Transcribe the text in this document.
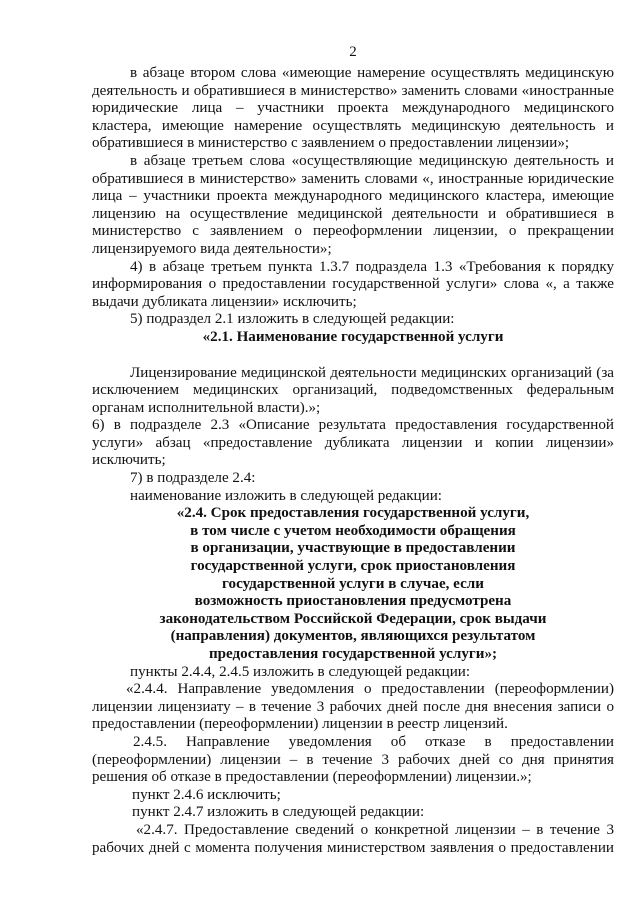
2

в абзаце втором слова «имеющие намерение осуществлять медицинскую деятельность и обратившиеся в министерство» заменить словами «иностранные юридические лица – участники проекта международного медицинского кластера, имеющие намерение осуществлять медицинскую деятельность и обратившиеся в министерство с заявлением о предоставлении лицензии»;

в абзаце третьем слова «осуществляющие медицинскую деятельность и обратившиеся в министерство» заменить словами «, иностранные юридические лица – участники проекта международного медицинского кластера, имеющие лицензию на осуществление медицинской деятельности и обратившиеся в министерство с заявлением о переоформлении лицензии, о прекращении лицензируемого вида деятельности»;

4) в абзаце третьем пункта 1.3.7 подраздела 1.3 «Требования к порядку информирования о предоставлении государственной услуги» слова «, а также выдачи дубликата лицензии» исключить;

5) подраздел 2.1 изложить в следующей редакции:

«2.1. Наименование государственной услуги

Лицензирование медицинской деятельности медицинских организаций (за исключением медицинских организаций, подведомственных федеральным органам исполнительной власти).»;

6) в подразделе 2.3 «Описание результата предоставления государственной услуги» абзац «предоставление дубликата лицензии и копии лицензии» исключить;

7) в подразделе 2.4:

наименование изложить в следующей редакции:

«2.4. Срок предоставления государственной услуги,

в том числе с учетом необходимости обращения

в организации, участвующие в предоставлении

государственной услуги, срок приостановления

государственной услуги в случае, если

возможность приостановления предусмотрена

законодательством Российской Федерации, срок выдачи

(направления) документов, являющихся результатом

предоставления государственной услуги»;

пункты 2.4.4, 2.4.5 изложить в следующей редакции:

«2.4.4. Направление уведомления о предоставлении (переоформлении) лицензии лицензиату – в течение 3 рабочих дней после дня внесения записи о предоставлении (переоформлении) лицензии в реестр лицензий.

2.4.5. Направление уведомления об отказе в предоставлении (переоформлении) лицензии – в течение 3 рабочих дней со дня принятия решения об отказе в предоставлении (переоформлении) лицензии.»;

пункт 2.4.6 исключить;

пункт 2.4.7 изложить в следующей редакции:

«2.4.7. Предоставление сведений о конкретной лицензии – в течение 3 рабочих дней с момента получения министерством заявления о предоставлении
